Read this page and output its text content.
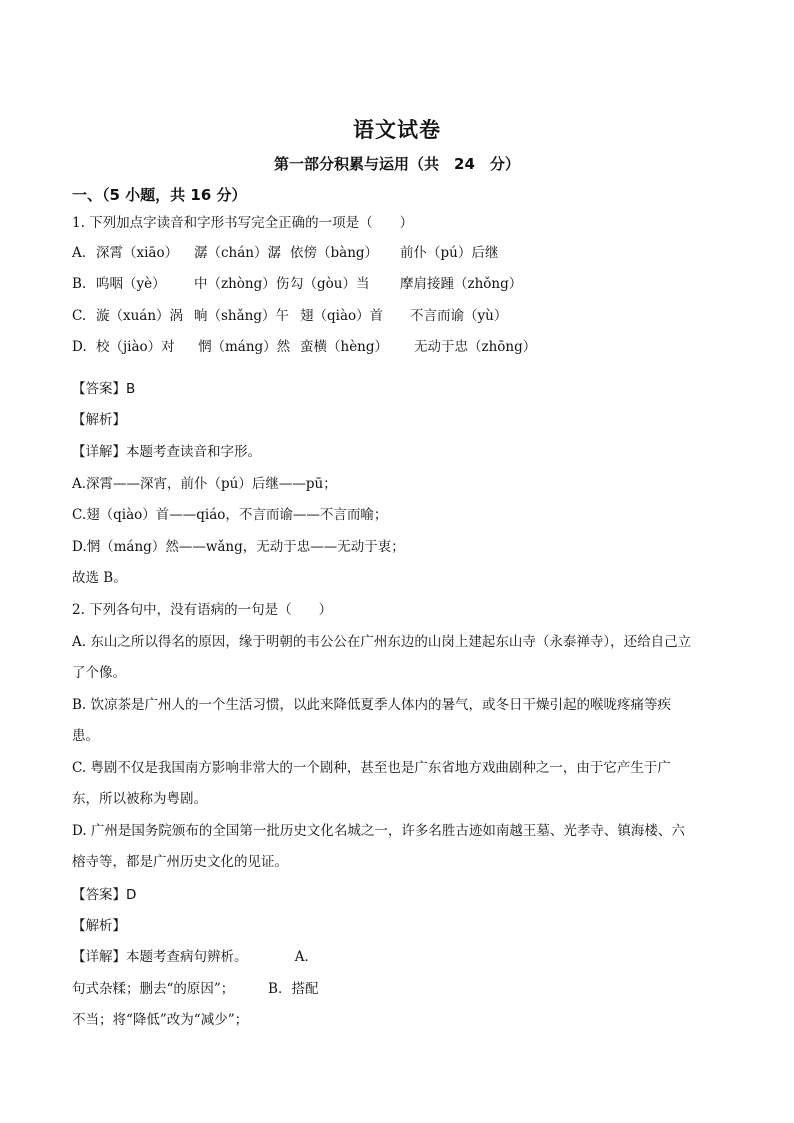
语文试卷
第一部分积累与运用（共　24　分）
一、（5 小题，共 16 分）
1. 下列加点字读音和字形书写完全正确的一项是（　　）
A. 深霄（xiāo） 潺（chán）潺 依傍（bàng） 前仆（pú）后继
B. 呜咽（yè） 中（zhòng）伤勾（gòu）当 摩肩接踵（zhǒng）
C. 漩（xuán）涡 晌（shǎng）午 翅（qiào）首 不言而谕（yù）
D. 校（jiào）对 惘（máng）然 蛮横（hèng） 无动于忠（zhōng）
【答案】B
【解析】
【详解】本题考查读音和字形。
A.深霄——深宵，前仆（pú）后继——pū；
C.翅（qiào）首——qiáo，不言而谕——不言而喻；
D.惘（máng）然——wǎng，无动于忠——无动于衷；
故选 B。
2. 下列各句中，没有语病的一句是（　　）
A. 东山之所以得名的原因，缘于明朝的韦公公在广州东边的山岗上建起东山寺（永泰禅寺），还给自己立
了个像。
B. 饮凉茶是广州人的一个生活习惯，以此来降低夏季人体内的暑气，或冬日干燥引起的喉咙疼痛等疾
患。
C. 粤剧不仅是我国南方影响非常大的一个剧种，甚至也是广东省地方戏曲剧种之一，由于它产生于广
东，所以被称为粤剧。
D. 广州是国务院颁布的全国第一批历史文化名城之一，许多名胜古迹如南越王墓、光孝寺、镇海楼、六
榕寺等，都是广州历史文化的见证。
【答案】D
【解析】
【详解】本题考查病句辨析。　　　　A．
句式杂糅；删去“的原因”；　　　B．搭配
不当；将“降低”改为“减少”；
